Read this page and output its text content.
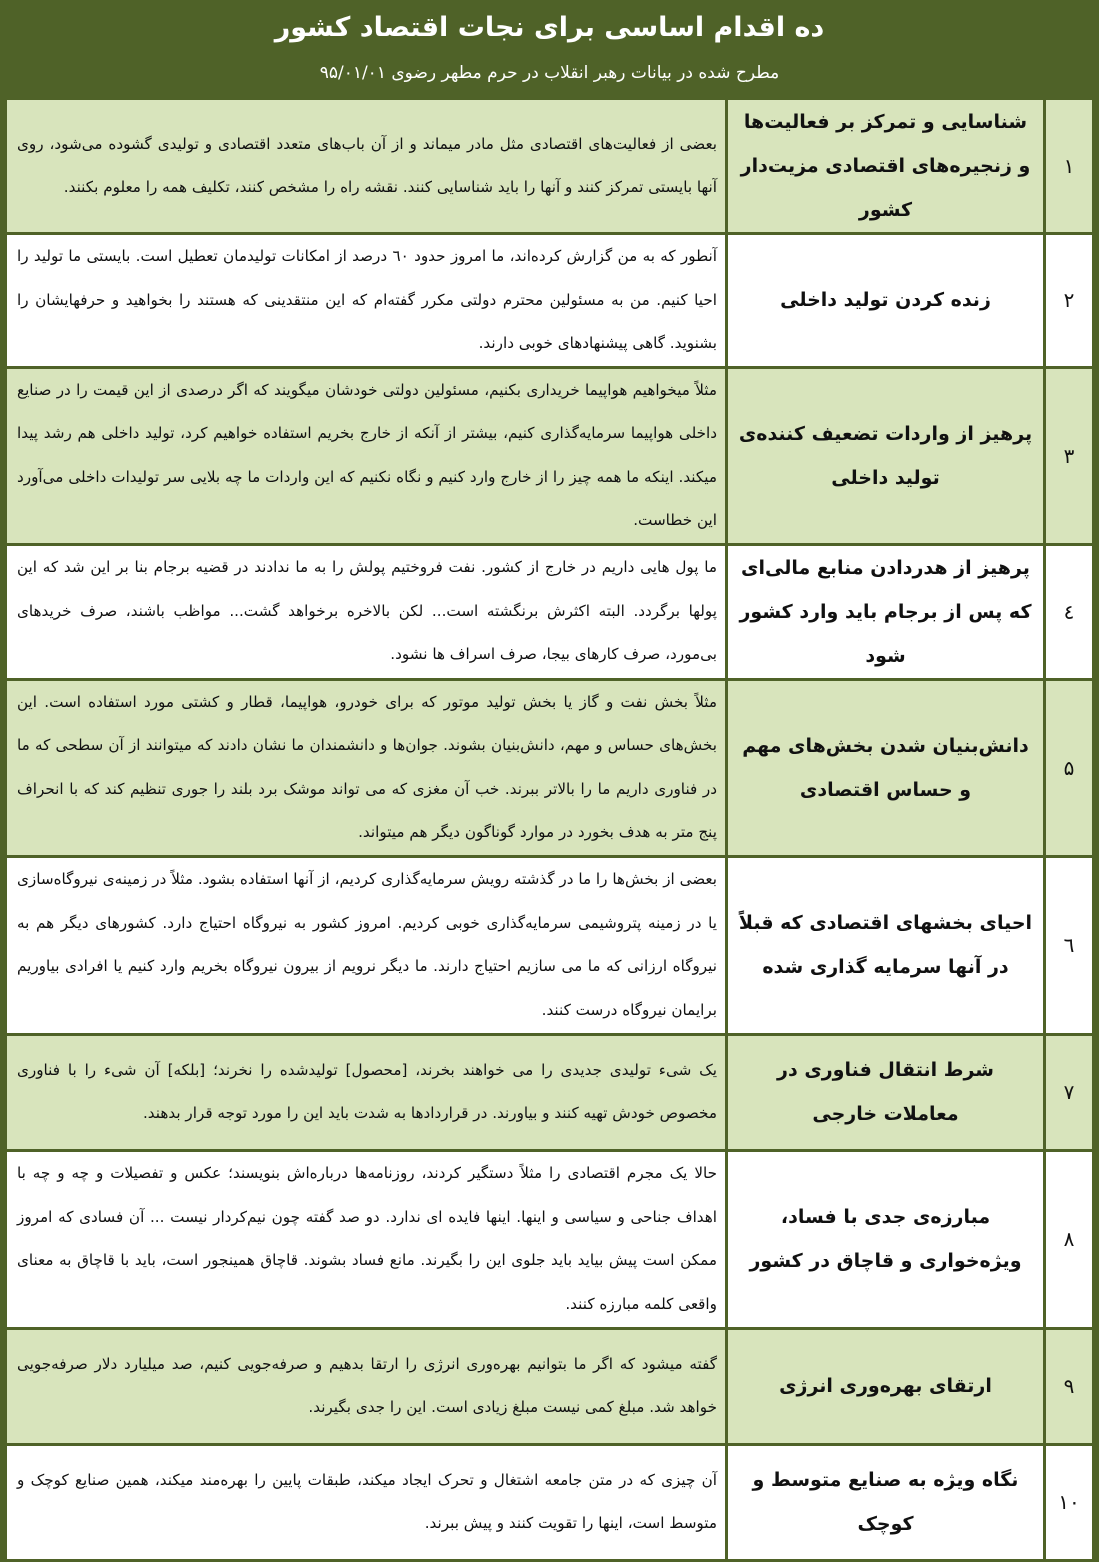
ده اقدام اساسی برای نجات اقتصاد کشور
مطرح شده در بیانات رهبر انقلاب در حرم مطهر رضوی ۹۵/۰۱/۰۱
۱	شناسایی و تمرکز بر فعالیت‌ها و زنجیره‌های اقتصادی مزیت‌دار کشور	بعضی از فعالیت‌های اقتصادی مثل مادر میماند و از آن باب‌های متعدد اقتصادی و تولیدی گشوده می‌شود، روی آنها بایستی تمرکز کنند و آنها را باید شناسایی کنند. نقشه راه را مشخص کنند، تکلیف همه را معلوم بکنند.
۲	زنده کردن تولید داخلی	آنطور که به من گزارش کرده‌اند، ما امروز حدود ٦٠ درصد از امکانات تولیدمان تعطیل است. بایستی ما تولید را احیا کنیم. من به مسئولین محترم دولتی مکرر گفته‌ام که این منتقدینی که هستند را بخواهید و حرفهایشان را بشنوید. گاهی پیشنهادهای خوبی دارند.
۳	پرهیز از واردات تضعیف کننده‌ی تولید داخلی	مثلاً میخواهیم هواپیما خریداری بکنیم، مسئولین دولتی خودشان میگویند که اگر درصدی از این قیمت را در صنایع داخلی هواپیما سرمایه‌گذاری کنیم، بیشتر از آنکه از خارج بخریم استفاده خواهیم کرد، تولید داخلی هم رشد پیدا میکند. اینکه ما همه چیز را از خارج وارد کنیم و نگاه نکنیم که این واردات ما چه بلایی سر تولیدات داخلی می‌آورد این خطاست.
٤	پرهیز از هدردادن منابع مالی‌ای که پس از برجام باید وارد کشور شود	ما پول هایی داریم در خارج از کشور. نفت فروختیم پولش را به ما ندادند در قضیه برجام بنا بر این شد که این پولها برگردد. البته اکثرش برنگشته است... لکن بالاخره برخواهد گشت... مواظب باشند، صرف خریدهای بی‌مورد، صرف کارهای بیجا، صرف اسراف ها نشود.
۵	دانش‌بنیان شدن بخش‌های مهم و حساس اقتصادی	مثلاً بخش نفت و گاز یا بخش تولید موتور که برای خودرو، هواپیما، قطار و کشتی مورد استفاده است. این بخش‌های حساس و مهم، دانش‌بنیان بشوند. جوان‌ها و دانشمندان ما نشان دادند که میتوانند از آن سطحی که ما در فناوری داریم ما را بالاتر ببرند. خب آن مغزی که می تواند موشک برد بلند را جوری تنظیم کند که با انحراف پنج متر به هدف بخورد در موارد گوناگون دیگر هم میتواند.
٦	احیای بخشهای اقتصادی که قبلاً در آنها سرمایه گذاری شده	بعضی از بخش‌ها را ما در گذشته رویش سرمایه‌گذاری کردیم، از آنها استفاده بشود. مثلاً در زمینه‌ی نیروگاه‌سازی یا در زمینه پتروشیمی سرمایه‌گذاری خوبی کردیم. امروز کشور به نیروگاه احتیاج دارد. کشورهای دیگر هم به نیروگاه ارزانی که ما می سازیم احتیاج دارند. ما دیگر نرویم از بیرون نیروگاه بخریم وارد کنیم یا افرادی بیاوریم برایمان نیروگاه درست کنند.
۷	شرط انتقال فناوری در معاملات خارجی	یک شیء تولیدی جدیدی را می خواهند بخرند، [محصول] تولیدشده را نخرند؛ [بلکه] آن شیء را با فناوری مخصوص خودش تهیه کنند و بیاورند. در قراردادها به شدت باید این را مورد توجه قرار بدهند.
۸	مبارزه‌ی جدی با فساد، ویژه‌خواری و قاچاق در کشور	حالا یک مجرم اقتصادی را مثلاً دستگیر کردند، روزنامه‌ها درباره‌اش بنویسند؛ عکس و تفصیلات و چه و چه با اهداف جناحی و سیاسی و اینها. اینها فایده ای ندارد. دو صد گفته چون نیم‌کردار نیست ... آن فسادی که امروز ممکن است پیش بیاید باید جلوی این را بگیرند. مانع فساد بشوند. قاچاق همینجور است، باید با قاچاق به معنای واقعی کلمه مبارزه کنند.
۹	ارتقای بهره‌وری انرژی	گفته میشود که اگر ما بتوانیم بهره‌وری انرژی را ارتقا بدهیم و صرفه‌جویی کنیم، صد میلیارد دلار صرفه‌جویی خواهد شد. مبلغ کمی نیست مبلغ زیادی است. این را جدی بگیرند.
۱۰	نگاه ویژه به صنایع متوسط و کوچک	آن چیزی که در متن جامعه اشتغال و تحرک ایجاد میکند، طبقات پایین را بهره‌مند میکند، همین صنایع کوچک و متوسط است، اینها را تقویت کنند و پیش ببرند.
